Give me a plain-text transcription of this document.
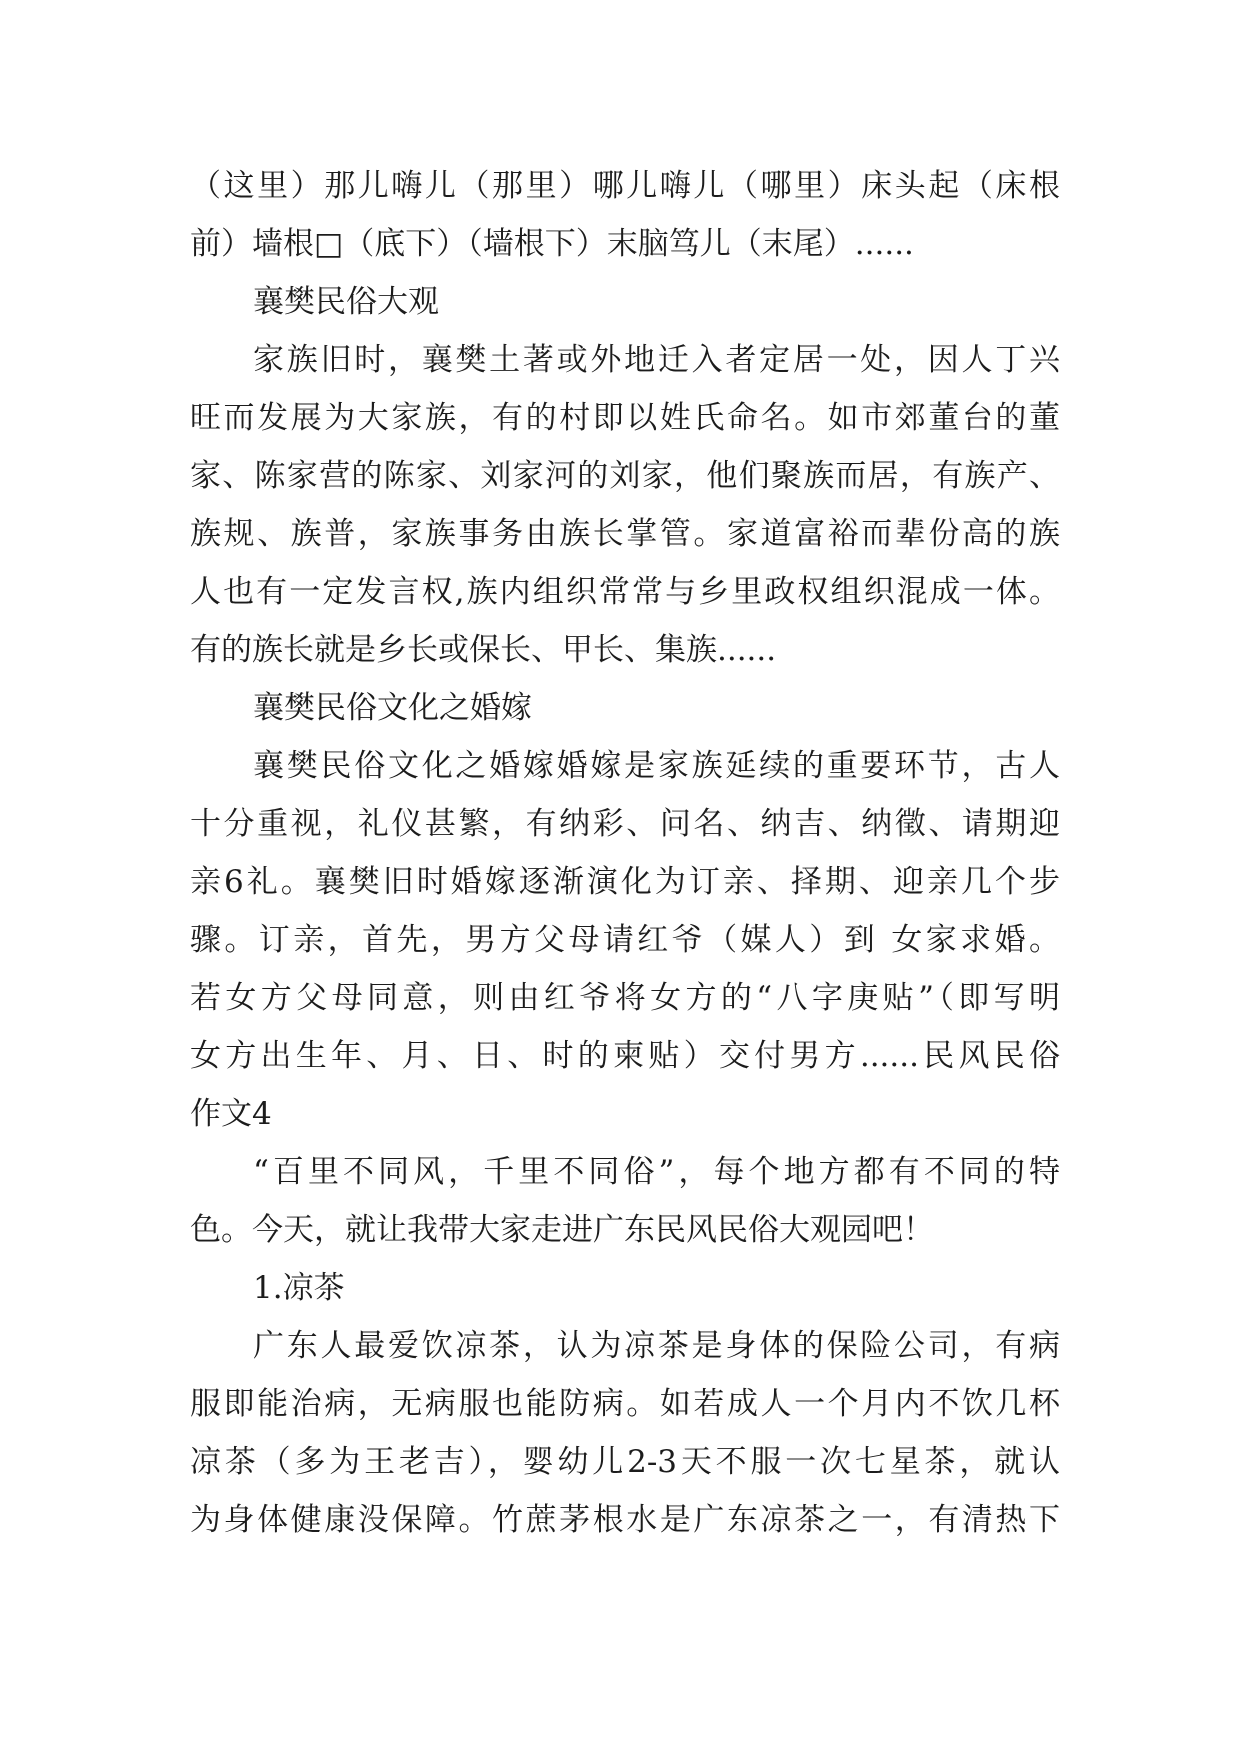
（这里）那儿嗨儿（那里）哪儿嗨儿（哪里）床头起（床根
前）墙根□（底下）（墙根下）末脑笃儿（末尾）......
襄樊民俗大观
家族旧时，襄樊土著或外地迁入者定居一处，因人丁兴
旺而发展为大家族，有的村即以姓氏命名。如市郊董台的董
家、陈家营的陈家、刘家河的刘家，他们聚族而居，有族产、
族规、族普，家族事务由族长掌管。家道富裕而辈份高的族
人也有一定发言权,族内组织常常与乡里政权组织混成一体。
有的族长就是乡长或保长、甲长、集族......
襄樊民俗文化之婚嫁
襄樊民俗文化之婚嫁婚嫁是家族延续的重要环节，古人
十分重视，礼仪甚繁，有纳彩、问名、纳吉、纳徵、请期迎
亲6礼。襄樊旧时婚嫁逐渐演化为订亲、择期、迎亲几个步
骤。订亲，首先，男方父母请红爷（媒人）到 女家求婚。
若女方父母同意，则由红爷将女方的“八字庚贴”（即写明
女方出生年、月、日、时的柬贴）交付男方......民风民俗
作文4
“百里不同风，千里不同俗”，每个地方都有不同的特
色。今天，就让我带大家走进广东民风民俗大观园吧！
1.凉茶
广东人最爱饮凉茶，认为凉茶是身体的保险公司，有病
服即能治病，无病服也能防病。如若成人一个月内不饮几杯
凉茶（多为王老吉），婴幼儿2-3天不服一次七星茶，就认
为身体健康没保障。竹蔗茅根水是广东凉茶之一，有清热下
